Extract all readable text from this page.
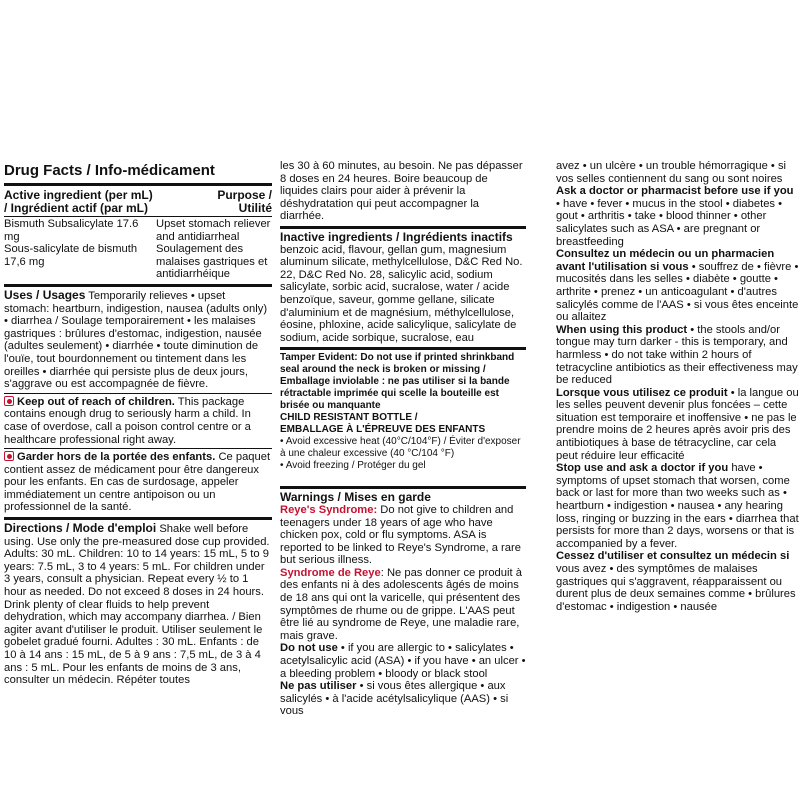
Drug Facts / Info-médicament
Active ingredient (per mL) / Ingrédient actif (par mL)
Purpose / Utilité
Bismuth Subsalicylate 17.6 mg
Upset stomach reliever and antidiarrheal
Sous-salicylate de bismuth 17,6 mg
Soulagement des malaises gastriques et antidiarrhéique
Uses / Usages Temporarily relieves • upset stomach: heartburn, indigestion, nausea (adults only) • diarrhea / Soulage temporairement • les malaises gastriques : brûlures d'estomac, indigestion, nausée (adultes seulement) • diarrhée • toute diminution de l'ouïe, tout bourdonnement ou tintement dans les oreilles • diarrhée qui persiste plus de deux jours, s'aggrave ou est accompagnée de fièvre.
Keep out of reach of children. This package contains enough drug to seriously harm a child. In case of overdose, call a poison control centre or a healthcare professional right away.
Garder hors de la portée des enfants. Ce paquet contient assez de médicament pour être dangereux pour les enfants. En cas de surdosage, appeler immédiatement un centre antipoison ou un professionnel de la santé.
Directions / Mode d'emploi Shake well before using. Use only the pre-measured dose cup provided. Adults: 30 mL. Children: 10 to 14 years: 15 mL, 5 to 9 years: 7.5 mL, 3 to 4 years: 5 mL. For children under 3 years, consult a physician. Repeat every ½ to 1 hour as needed. Do not exceed 8 doses in 24 hours. Drink plenty of clear fluids to help prevent dehydration, which may accompany diarrhea. / Bien agiter avant d'utiliser le produit. Utiliser seulement le gobelet gradué fourni. Adultes : 30 mL. Enfants : de 10 à 14 ans : 15 mL, de 5 à 9 ans : 7,5 mL, de 3 à 4 ans : 5 mL. Pour les enfants de moins de 3 ans, consulter un médecin. Répéter toutes
les 30 à 60 minutes, au besoin. Ne pas dépasser 8 doses en 24 heures. Boire beaucoup de liquides clairs pour aider à prévenir la déshydratation qui peut accompagner la diarrhée.
Inactive ingredients / Ingrédients inactifs
benzoic acid, flavour, gellan gum, magnesium aluminum silicate, methylcellulose, D&C Red No. 22, D&C Red No. 28, salicylic acid, sodium salicylate, sorbic acid, sucralose, water / acide benzoïque, saveur, gomme gellane, silicate d'aluminium et de magnésium, méthylcellulose, éosine, phloxine, acide salicylique, salicylate de sodium, acide sorbique, sucralose, eau
Tamper Evident: Do not use if printed shrinkband seal around the neck is broken or missing / Emballage inviolable : ne pas utiliser si la bande rétractable imprimée qui scelle la bouteille est brisée ou manquante
CHILD RESISTANT BOTTLE /
EMBALLAGE À L'ÉPREUVE DES ENFANTS
• Avoid excessive heat (40°C/104°F) / Éviter d'exposer à une chaleur excessive (40 °C/104 °F)
• Avoid freezing / Protéger du gel
Warnings / Mises en garde
Reye's Syndrome: Do not give to children and teenagers under 18 years of age who have chicken pox, cold or flu symptoms. ASA is reported to be linked to Reye's Syndrome, a rare but serious illness.
Syndrome de Reye: Ne pas donner ce produit à des enfants ni à des adolescents âgés de moins de 18 ans qui ont la varicelle, qui présentent des symptômes de rhume ou de grippe. L'AAS peut être lié au syndrome de Reye, une maladie rare, mais grave.
Do not use • if you are allergic to • salicylates • acetylsalicylic acid (ASA) • if you have • an ulcer • a bleeding problem • bloody or black stool
Ne pas utiliser • si vous êtes allergique • aux salicylés • à l'acide acétylsalicylique (AAS) • si vous
avez • un ulcère • un trouble hémorragique • si vos selles contiennent du sang ou sont noires
Ask a doctor or pharmacist before use if you • have • fever • mucus in the stool • diabetes • gout • arthritis • take • blood thinner • other salicylates such as ASA • are pregnant or breastfeeding
Consultez un médecin ou un pharmacien avant l'utilisation si vous • souffrez de • fièvre • mucosités dans les selles • diabète • goutte • arthrite • prenez • un anticoagulant • d'autres salicylés comme de l'AAS • si vous êtes enceinte ou allaitez
When using this product • the stools and/or tongue may turn darker - this is temporary, and harmless • do not take within 2 hours of tetracycline antibiotics as their effectiveness may be reduced
Lorsque vous utilisez ce produit • la langue ou les selles peuvent devenir plus foncées – cette situation est temporaire et inoffensive • ne pas le prendre moins de 2 heures après avoir pris des antibiotiques à base de tétracycline, car cela peut réduire leur efficacité
Stop use and ask a doctor if you have • symptoms of upset stomach that worsen, come back or last for more than two weeks such as • heartburn • indigestion • nausea • any hearing loss, ringing or buzzing in the ears • diarrhea that persists for more than 2 days, worsens or that is accompanied by a fever.
Cessez d'utiliser et consultez un médecin si vous avez • des symptômes de malaises gastriques qui s'aggravent, réapparaissent ou durent plus de deux semaines comme • brûlures d'estomac • indigestion • nausée
